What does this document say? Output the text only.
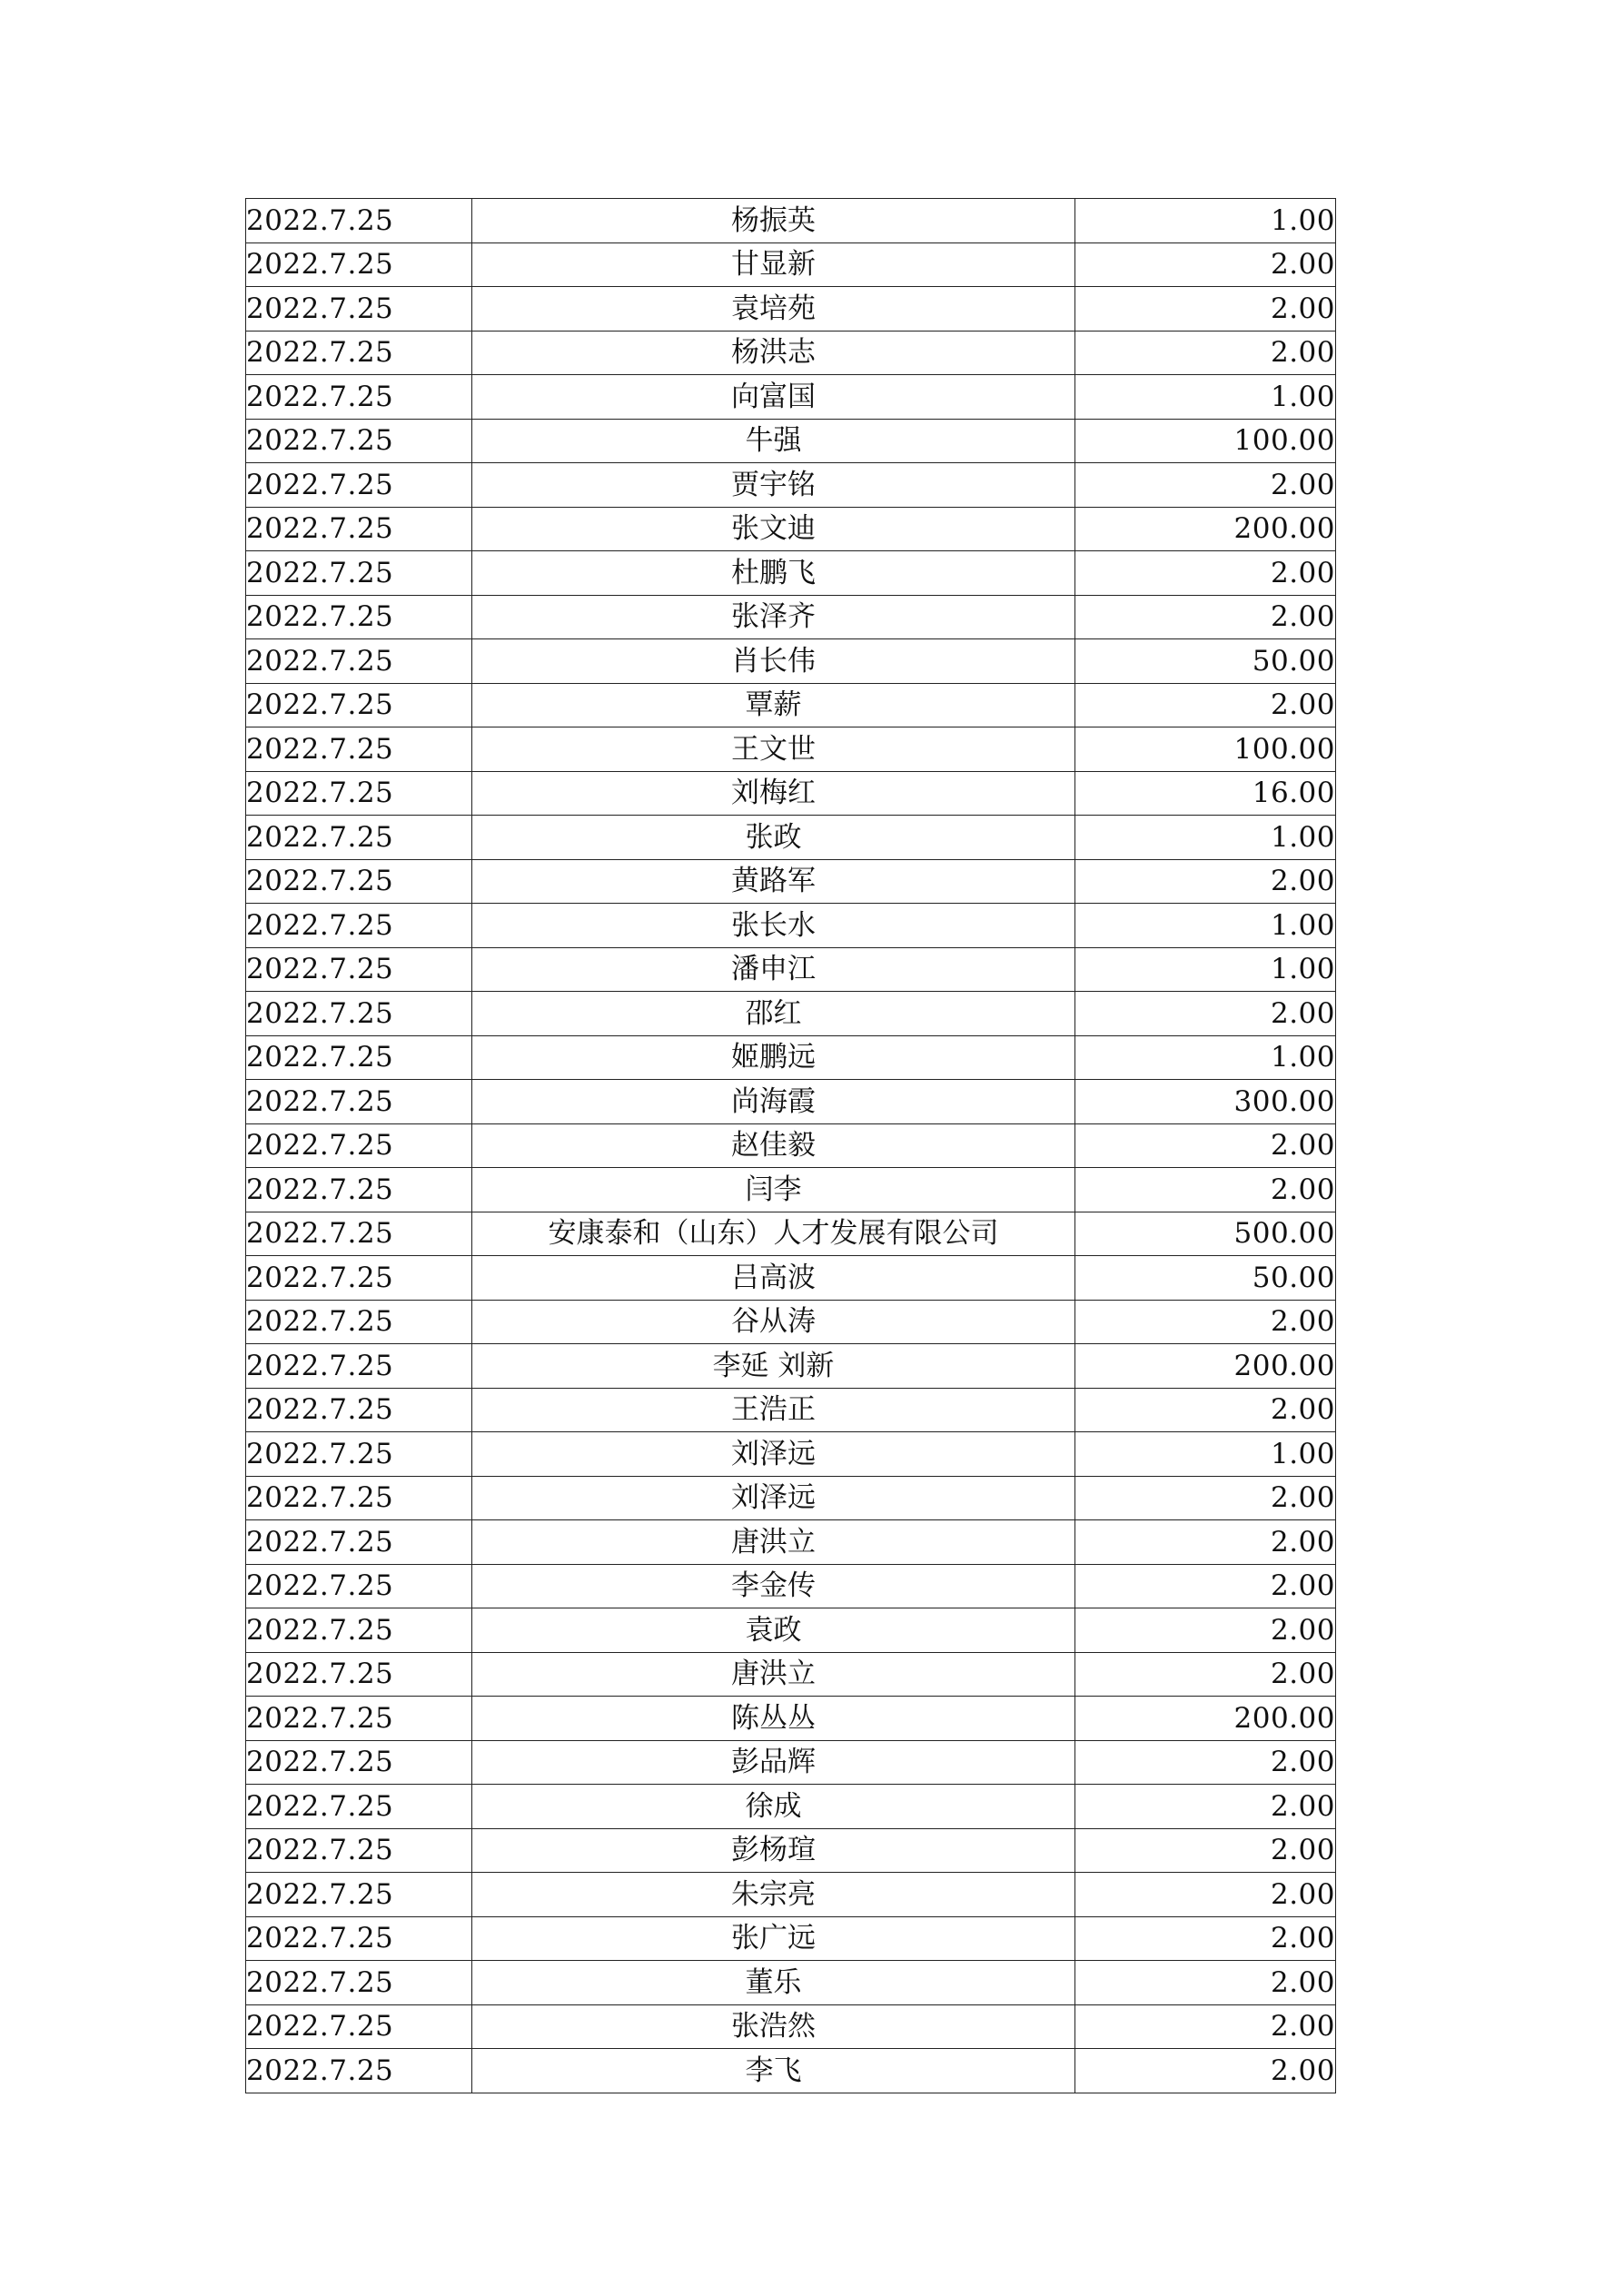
2022.7.25	杨振英	1.00
2022.7.25	甘显新	2.00
2022.7.25	袁培苑	2.00
2022.7.25	杨洪志	2.00
2022.7.25	向富国	1.00
2022.7.25	牛强	100.00
2022.7.25	贾宇铭	2.00
2022.7.25	张文迪	200.00
2022.7.25	杜鹏飞	2.00
2022.7.25	张泽齐	2.00
2022.7.25	肖长伟	50.00
2022.7.25	覃薪	2.00
2022.7.25	王文世	100.00
2022.7.25	刘梅红	16.00
2022.7.25	张政	1.00
2022.7.25	黄路军	2.00
2022.7.25	张长水	1.00
2022.7.25	潘申江	1.00
2022.7.25	邵红	2.00
2022.7.25	姬鹏远	1.00
2022.7.25	尚海霞	300.00
2022.7.25	赵佳毅	2.00
2022.7.25	闫李	2.00
2022.7.25	安康泰和（山东）人才发展有限公司	500.00
2022.7.25	吕高波	50.00
2022.7.25	谷从涛	2.00
2022.7.25	李延 刘新	200.00
2022.7.25	王浩正	2.00
2022.7.25	刘泽远	1.00
2022.7.25	刘泽远	2.00
2022.7.25	唐洪立	2.00
2022.7.25	李金传	2.00
2022.7.25	袁政	2.00
2022.7.25	唐洪立	2.00
2022.7.25	陈丛丛	200.00
2022.7.25	彭品辉	2.00
2022.7.25	徐成	2.00
2022.7.25	彭杨瑄	2.00
2022.7.25	朱宗亮	2.00
2022.7.25	张广远	2.00
2022.7.25	董乐	2.00
2022.7.25	张浩然	2.00
2022.7.25	李飞	2.00
